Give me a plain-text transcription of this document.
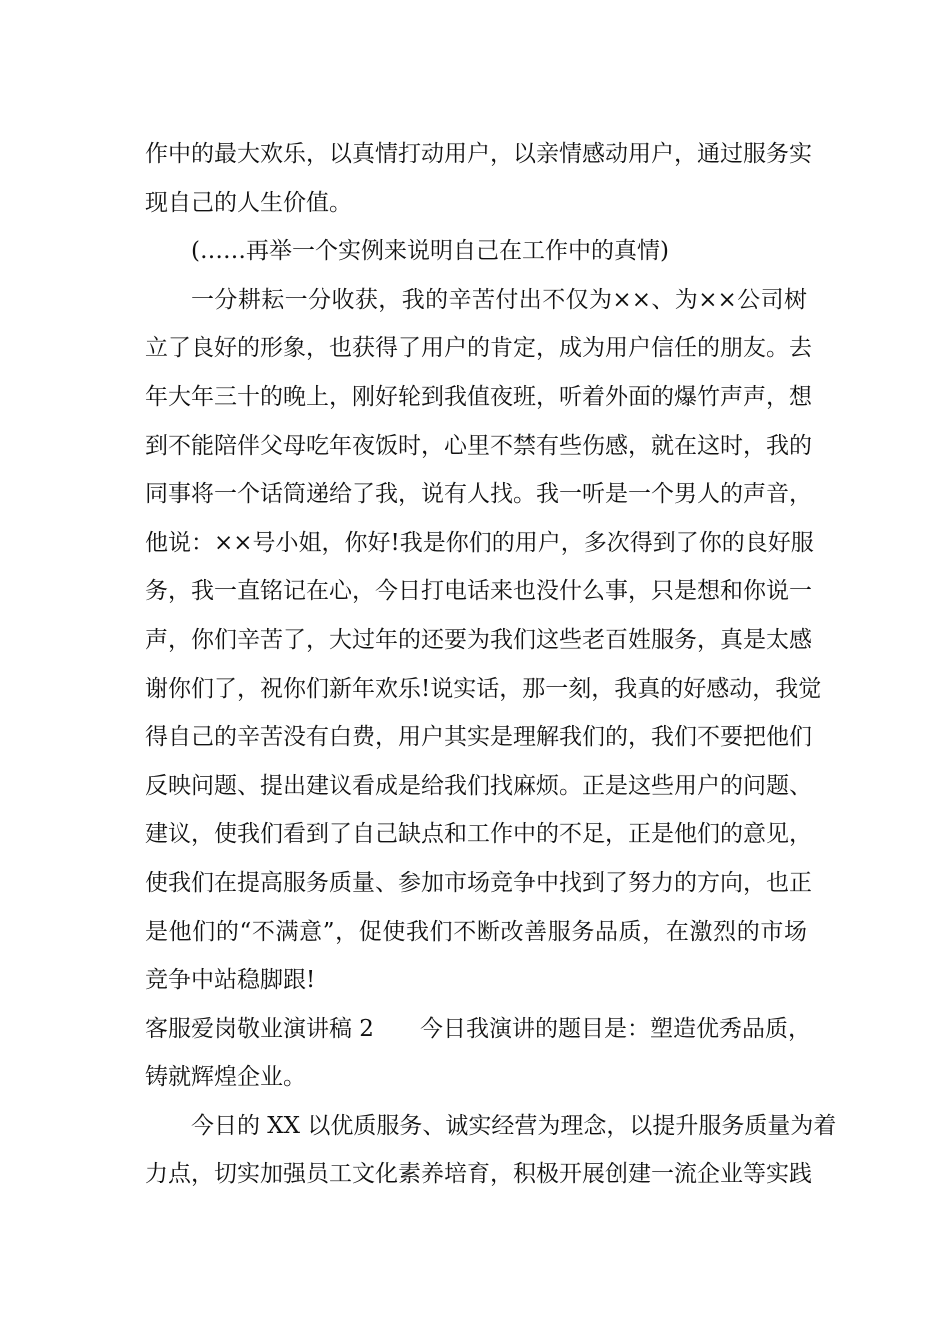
作中的最大欢乐，以真情打动用户，以亲情感动用户，通过服务实
现自己的人生价值。
(……再举一个实例来说明自己在工作中的真情)
一分耕耘一分收获，我的辛苦付出不仅为××、为××公司树
立了良好的形象，也获得了用户的肯定，成为用户信任的朋友。去
年大年三十的晚上，刚好轮到我值夜班，听着外面的爆竹声声，想
到不能陪伴父母吃年夜饭时，心里不禁有些伤感，就在这时，我的
同事将一个话筒递给了我，说有人找。我一听是一个男人的声音，
他说：××号小姐，你好!我是你们的用户，多次得到了你的良好服
务，我一直铭记在心，今日打电话来也没什么事，只是想和你说一
声，你们辛苦了，大过年的还要为我们这些老百姓服务，真是太感
谢你们了，祝你们新年欢乐!说实话，那一刻，我真的好感动，我觉
得自己的辛苦没有白费，用户其实是理解我们的，我们不要把他们
反映问题、提出建议看成是给我们找麻烦。正是这些用户的问题、
建议，使我们看到了自己缺点和工作中的不足，正是他们的意见，
使我们在提高服务质量、参加市场竞争中找到了努力的方向，也正
是他们的“不满意”，促使我们不断改善服务品质，在激烈的市场
竞争中站稳脚跟!
客服爱岗敬业演讲稿 2　　今日我演讲的题目是：塑造优秀品质，
铸就辉煌企业。
今日的 XX 以优质服务、诚实经营为理念，以提升服务质量为着
力点，切实加强员工文化素养培育，积极开展创建一流企业等实践
